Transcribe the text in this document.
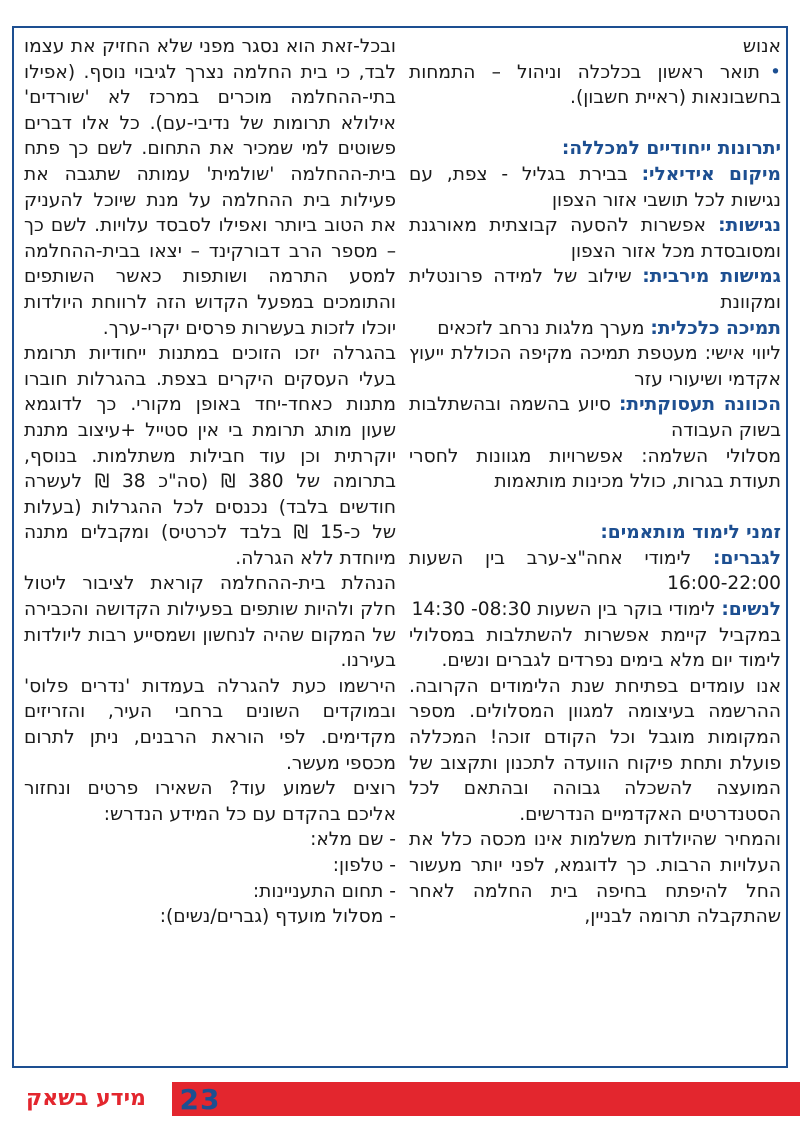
אנוש

•תואר ראשון בכלכלה וניהול – התמחות בחשבונאות (ראיית חשבון).

יתרונות ייחודיים למכללה:

מיקום אידיאלי: בבירת בגליל - צפת, עם נגישות לכל תושבי אזור הצפון

נגישות: אפשרות להסעה קבוצתית מאורגנת ומסובסדת מכל אזור הצפון

גמישות מירבית: שילוב של למידה פרונטלית ומקוונת

תמיכה כלכלית: מערך מלגות נרחב לזכאים

ליווי אישי: מעטפת תמיכה מקיפה הכוללת ייעוץ אקדמי ושיעורי עזר

הכוונה תעסוקתית: סיוע בהשמה ובהשתלבות בשוק העבודה

מסלולי השלמה: אפשרויות מגוונות לחסרי תעודת בגרות, כולל מכינות מותאמות

זמני לימוד מותאמים:

לגברים: לימודי אחה"צ-ערב בין השעות 16:00-22:00

לנשים: לימודי בוקר בין השעות 08:30- 14:30

במקביל קיימת אפשרות להשתלבות במסלולי לימוד יום מלא בימים נפרדים לגברים ונשים.

אנו עומדים בפתיחת שנת הלימודים הקרובה. ההרשמה בעיצומה למגוון המסלולים. מספר המקומות מוגבל וכל הקודם זוכה! המכללה פועלת ותחת פיקוח הוועדה לתכנון ותקצוב של המועצה להשכלה גבוהה ובהתאם לכל הסטנדרטים האקדמיים הנדרשים.

והמחיר שהיולדות משלמות אינו מכסה כלל את העלויות הרבות. כך לדוגמא, לפני יותר מעשור החל להיפתח בחיפה בית החלמה לאחר שהתקבלה תרומה לבניין,

ובכל-זאת הוא נסגר מפני שלא החזיק את עצמו לבד, כי בית החלמה נצרך לגיבוי נוסף. (אפילו בתי-ההחלמה מוכרים במרכז לא 'שורדים' אילולא תרומות של נדיבי-עם). כל אלו דברים פשוטים למי שמכיר את התחום. לשם כך פתח בית-ההחלמה 'שולמית' עמותה שתגבה את פעילות בית ההחלמה על מנת שיוכל להעניק את הטוב ביותר ואפילו לסבסד עלויות. לשם כך – מספר הרב דבורקינד – יצאו בבית-ההחלמה למסע התרמה ושותפות כאשר השותפים והתומכים במפעל הקדוש הזה לרווחת היולדות יוכלו לזכות בעשרות פרסים יקרי-ערך.

בהגרלה יזכו הזוכים במתנות ייחודיות תרומת בעלי העסקים היקרים בצפת. בהגרלות חוברו מתנות כאחד-יחד באופן מקורי. כך לדוגמא שעון מותג תרומת בי אין סטייל +עיצוב מתנת יוקרתית וכן עוד חבילות משתלמות. בנוסף, בתרומה של 380 ₪ (סה"כ 38 ₪ לעשרה חודשים בלבד) נכנסים לכל ההגרלות (בעלות של כ-15 ₪ בלבד לכרטיס) ומקבלים מתנה מיוחדת ללא הגרלה.

הנהלת בית-ההחלמה קוראת לציבור ליטול חלק ולהיות שותפים בפעילות הקדושה והכבירה של המקום שהיה לנחשון ושמסייע רבות ליולדות בעירנו.

הירשמו כעת להגרלה בעמדות 'נדרים פלוס' ובמוקדים השונים ברחבי העיר, והזריזים מקדימים. לפי הוראת הרבנים, ניתן לתרום מכספי מעשר.

רוצים לשמוע עוד? השאירו פרטים ונחזור אליכם בהקדם עם כל המידע הנדרש:

- שם מלא:

- טלפון:

- תחום התעניינות:

- מסלול מועדף (גברים/נשים):

מידע בשאק	23
